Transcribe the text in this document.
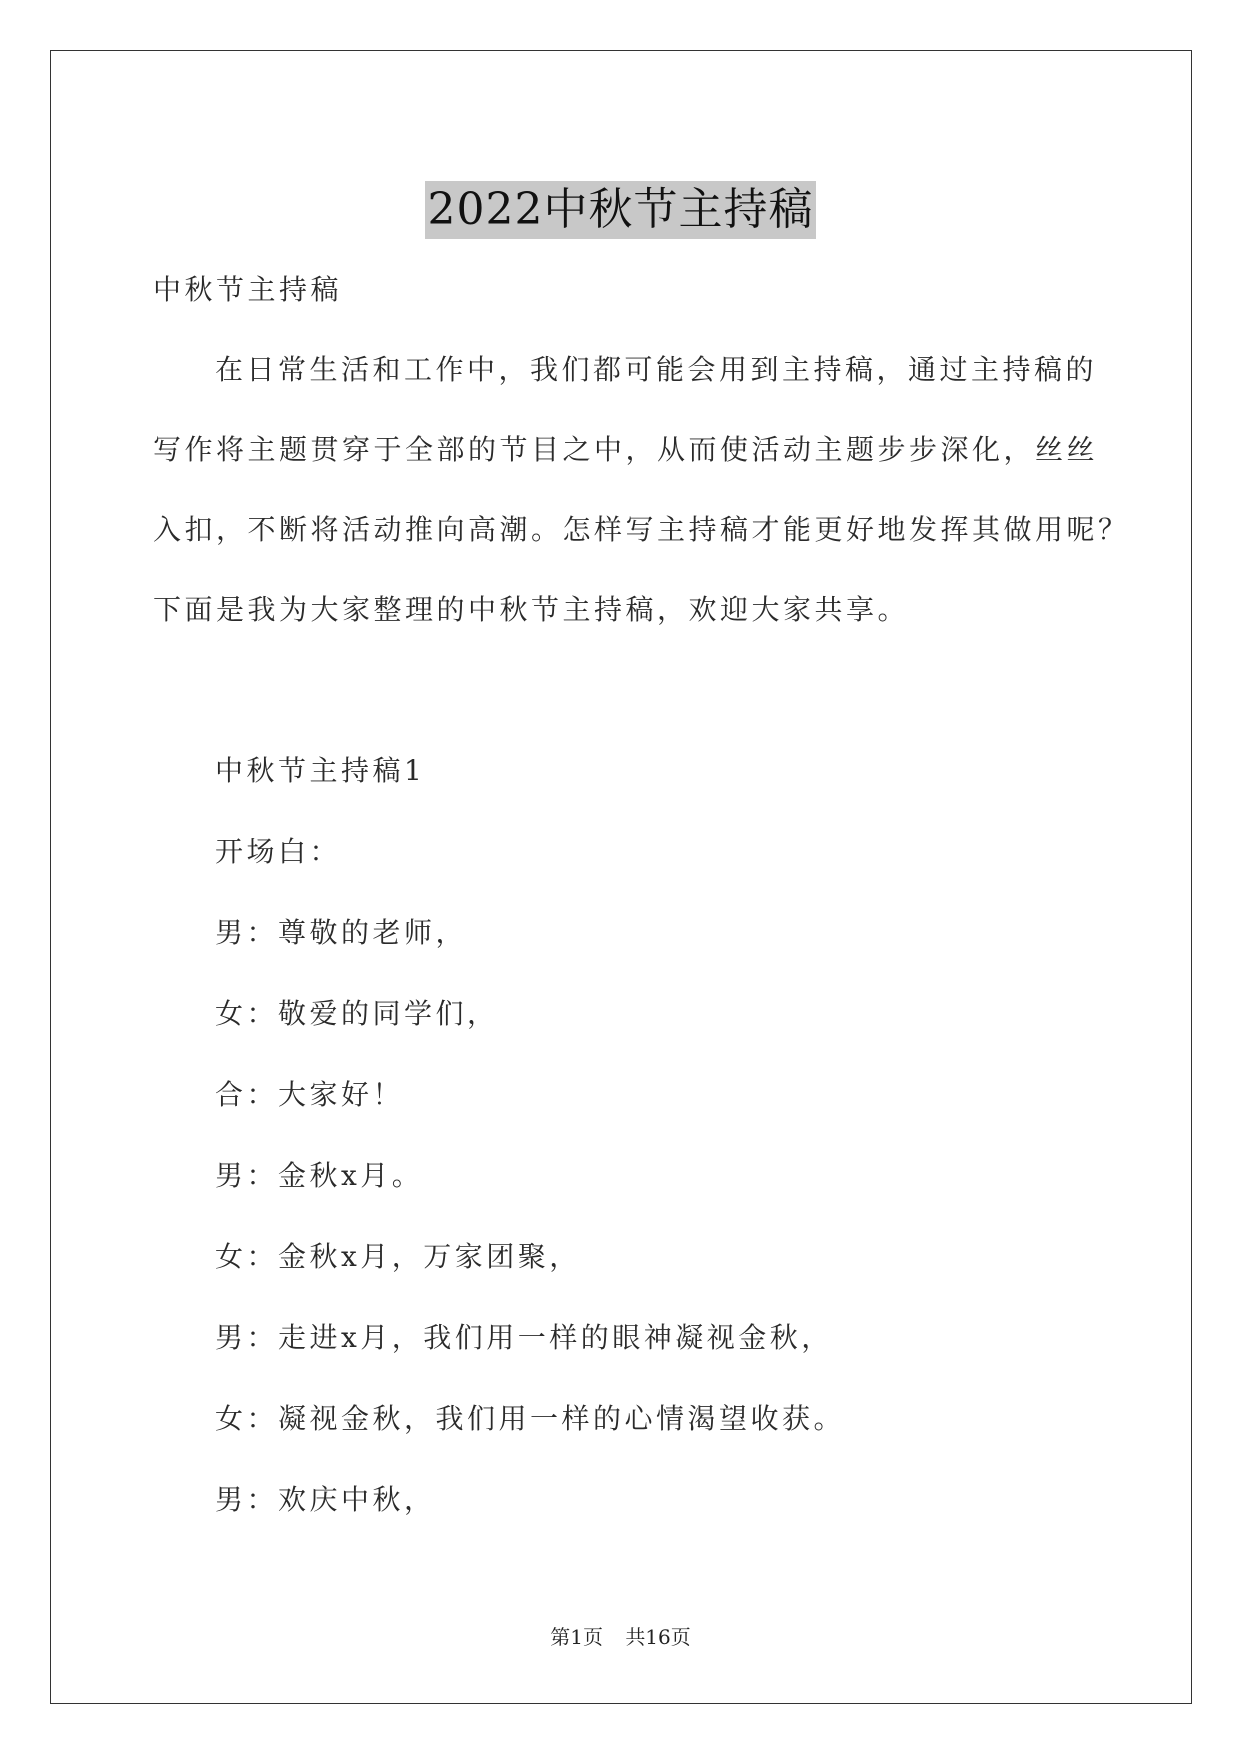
2022中秋节主持稿
中秋节主持稿
在日常生活和工作中，我们都可能会用到主持稿，通过主持稿的
写作将主题贯穿于全部的节目之中，从而使活动主题步步深化，丝丝
入扣，不断将活动推向高潮。怎样写主持稿才能更好地发挥其做用呢？
下面是我为大家整理的中秋节主持稿，欢迎大家共享。
中秋节主持稿1
开场白：
男：尊敬的老师，
女：敬爱的同学们，
合：大家好！
男：金秋x月。
女：金秋x月，万家团聚，
男：走进x月，我们用一样的眼神凝视金秋，
女：凝视金秋，我们用一样的心情渴望收获。
男：欢庆中秋，
第1页 共16页
